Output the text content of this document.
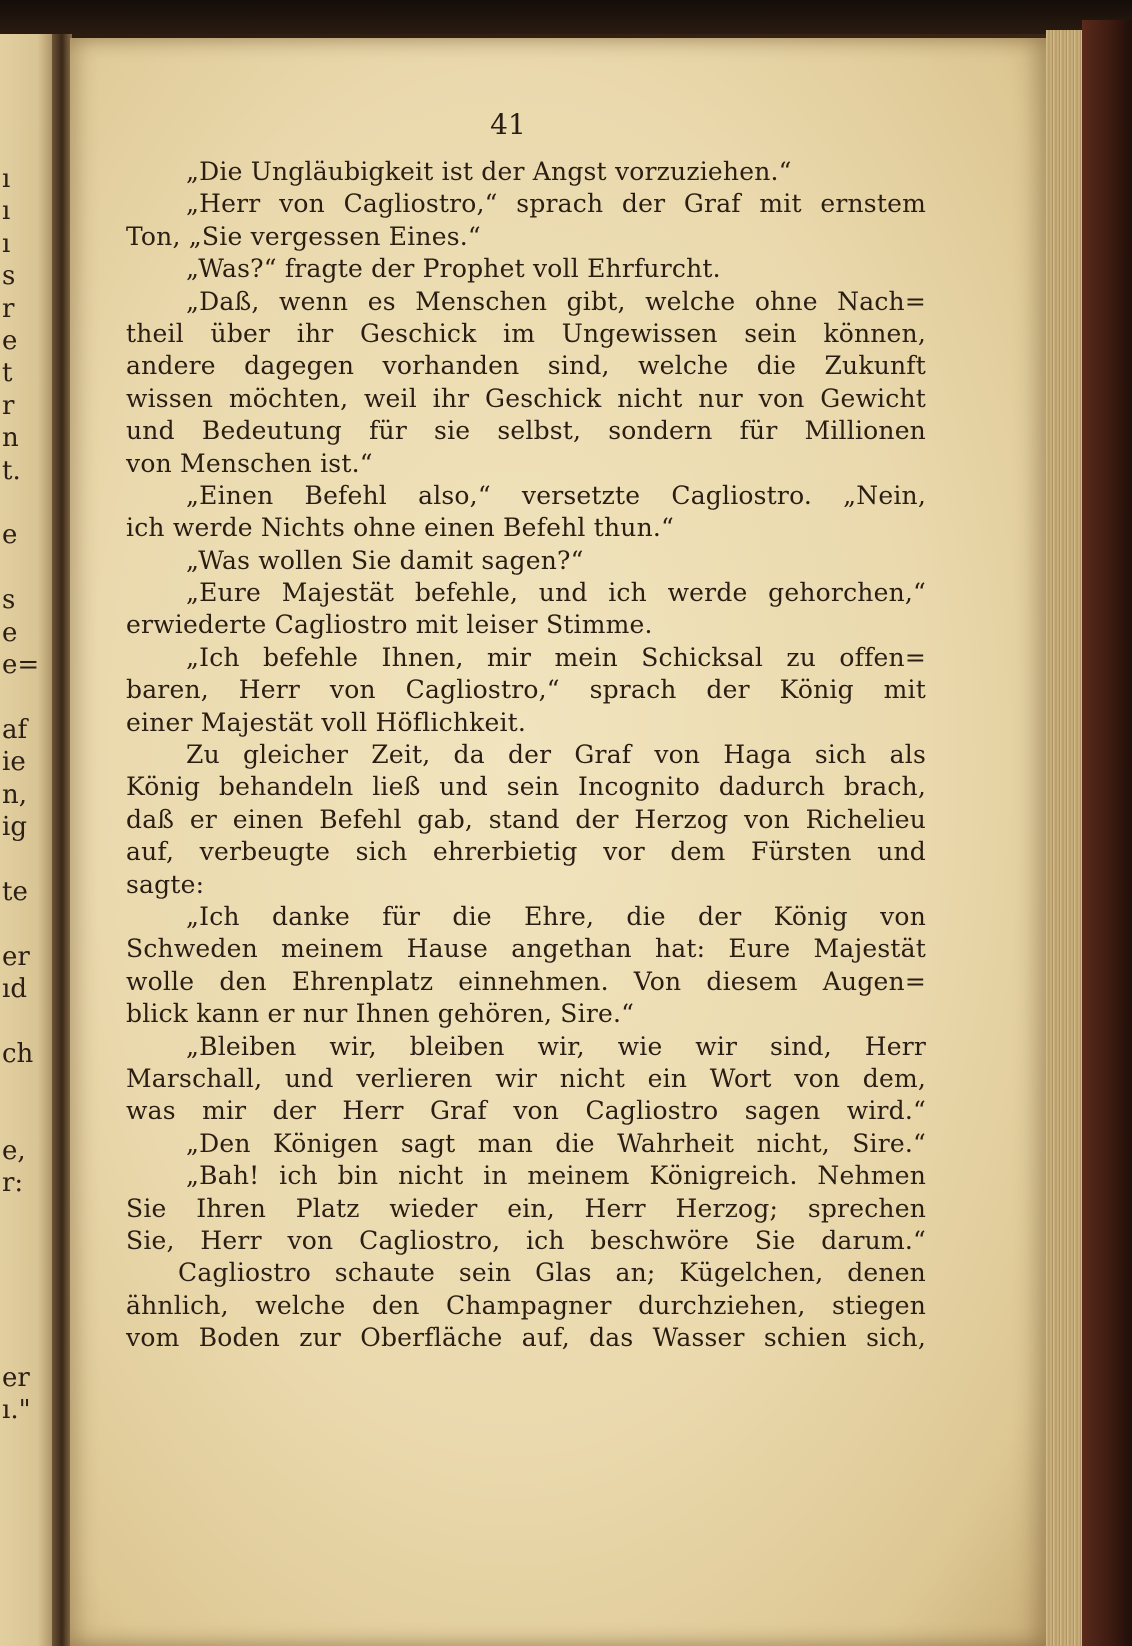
ı
ı
ı
s
r
e
t
r
n
t.
e
s
e
e=
af
ie
n,
ig
te
er
ıd
ch
e,
r:
er
ı."
41
„Die Ungläubigkeit ist der Angst vorzuziehen.“
„Herr von Cagliostro,“ sprach der Graf mit ernstem
Ton, „Sie vergessen Eines.“
„Was?“ fragte der Prophet voll Ehrfurcht.
„Daß, wenn es Menschen gibt, welche ohne Nach=
theil über ihr Geschick im Ungewissen sein können,
andere dagegen vorhanden sind, welche die Zukunft
wissen möchten, weil ihr Geschick nicht nur von Gewicht
und Bedeutung für sie selbst, sondern für Millionen
von Menschen ist.“
„Einen Befehl also,“ versetzte Cagliostro. „Nein,
ich werde Nichts ohne einen Befehl thun.“
„Was wollen Sie damit sagen?“
„Eure Majestät befehle, und ich werde gehorchen,“
erwiederte Cagliostro mit leiser Stimme.
„Ich befehle Ihnen, mir mein Schicksal zu offen=
baren, Herr von Cagliostro,“ sprach der König mit
einer Majestät voll Höflichkeit.
Zu gleicher Zeit, da der Graf von Haga sich als
König behandeln ließ und sein Incognito dadurch brach,
daß er einen Befehl gab, stand der Herzog von Richelieu
auf, verbeugte sich ehrerbietig vor dem Fürsten und
sagte:
„Ich danke für die Ehre, die der König von
Schweden meinem Hause angethan hat: Eure Majestät
wolle den Ehrenplatz einnehmen. Von diesem Augen=
blick kann er nur Ihnen gehören, Sire.“
„Bleiben wir, bleiben wir, wie wir sind, Herr
Marschall, und verlieren wir nicht ein Wort von dem,
was mir der Herr Graf von Cagliostro sagen wird.“
„Den Königen sagt man die Wahrheit nicht, Sire.“
„Bah! ich bin nicht in meinem Königreich. Nehmen
Sie Ihren Platz wieder ein, Herr Herzog; sprechen
Sie, Herr von Cagliostro, ich beschwöre Sie darum.“
Cagliostro schaute sein Glas an; Kügelchen, denen
ähnlich, welche den Champagner durchziehen, stiegen
vom Boden zur Oberfläche auf, das Wasser schien sich,
